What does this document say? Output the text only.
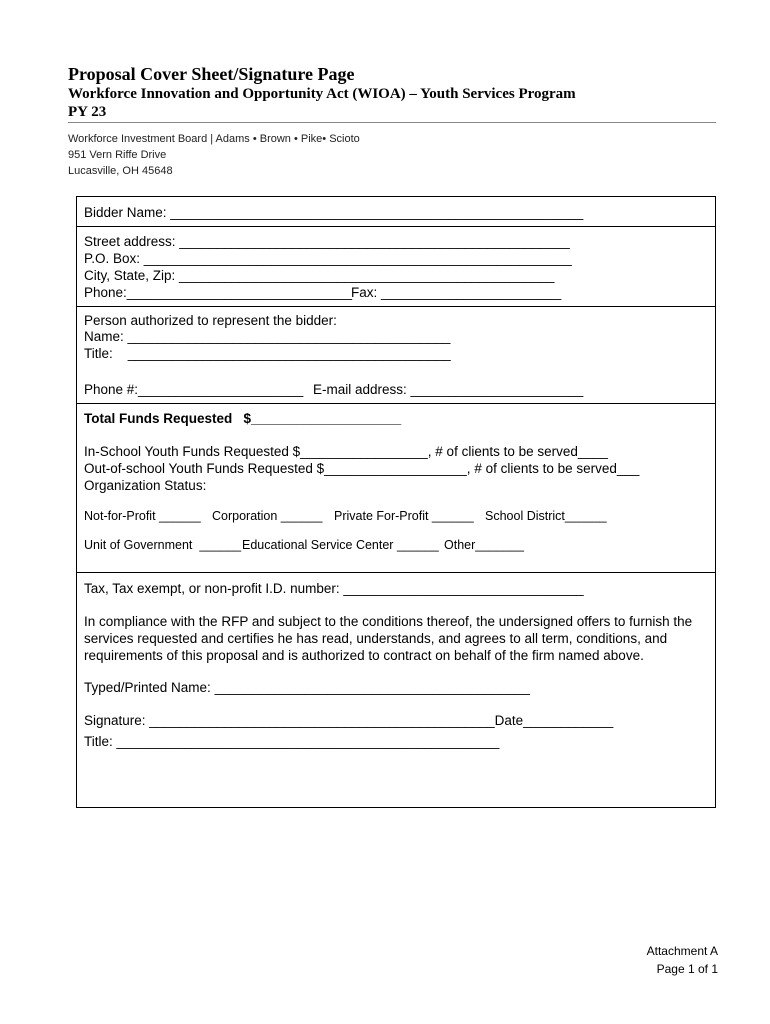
Proposal Cover Sheet/Signature Page
Workforce Innovation and Opportunity Act (WIOA) – Youth Services Program
PY 23
Workforce Investment Board | Adams • Brown • Pike• Scioto
951 Vern Riffe Drive
Lucasville, OH 45648
Bidder Name: _______________________________________________________
Street address: ____________________________________________________
P.O. Box: _________________________________________________________
City, State, Zip: __________________________________________________
Phone:______________________________
Fax: ________________________
Person authorized to represent the bidder:
Name: ___________________________________________
Title:    ___________________________________________
Phone #:______________________ E-mail address: _______________________
Total Funds Requested   $____________________
In-School Youth Funds Requested $_________________, # of clients to be served____
Out-of-school Youth Funds Requested $___________________, # of clients to be served___
Organization Status:
Not-for-Profit ______ Corporation ______ Private For-Profit ______ School District______
Unit of Government  ______ Educational Service Center ______ Other_______
Tax, Tax exempt, or non-profit I.D. number: ________________________________
In compliance with the RFP and subject to the conditions thereof, the undersigned offers to furnish the
services requested and certifies he has read, understands, and agrees to all term, conditions, and
requirements of this proposal and is authorized to contract on behalf of the firm named above.
Typed/Printed Name: __________________________________________
Signature: ______________________________________________Date____________
Title: ___________________________________________________
Attachment A
Page 1 of 1
